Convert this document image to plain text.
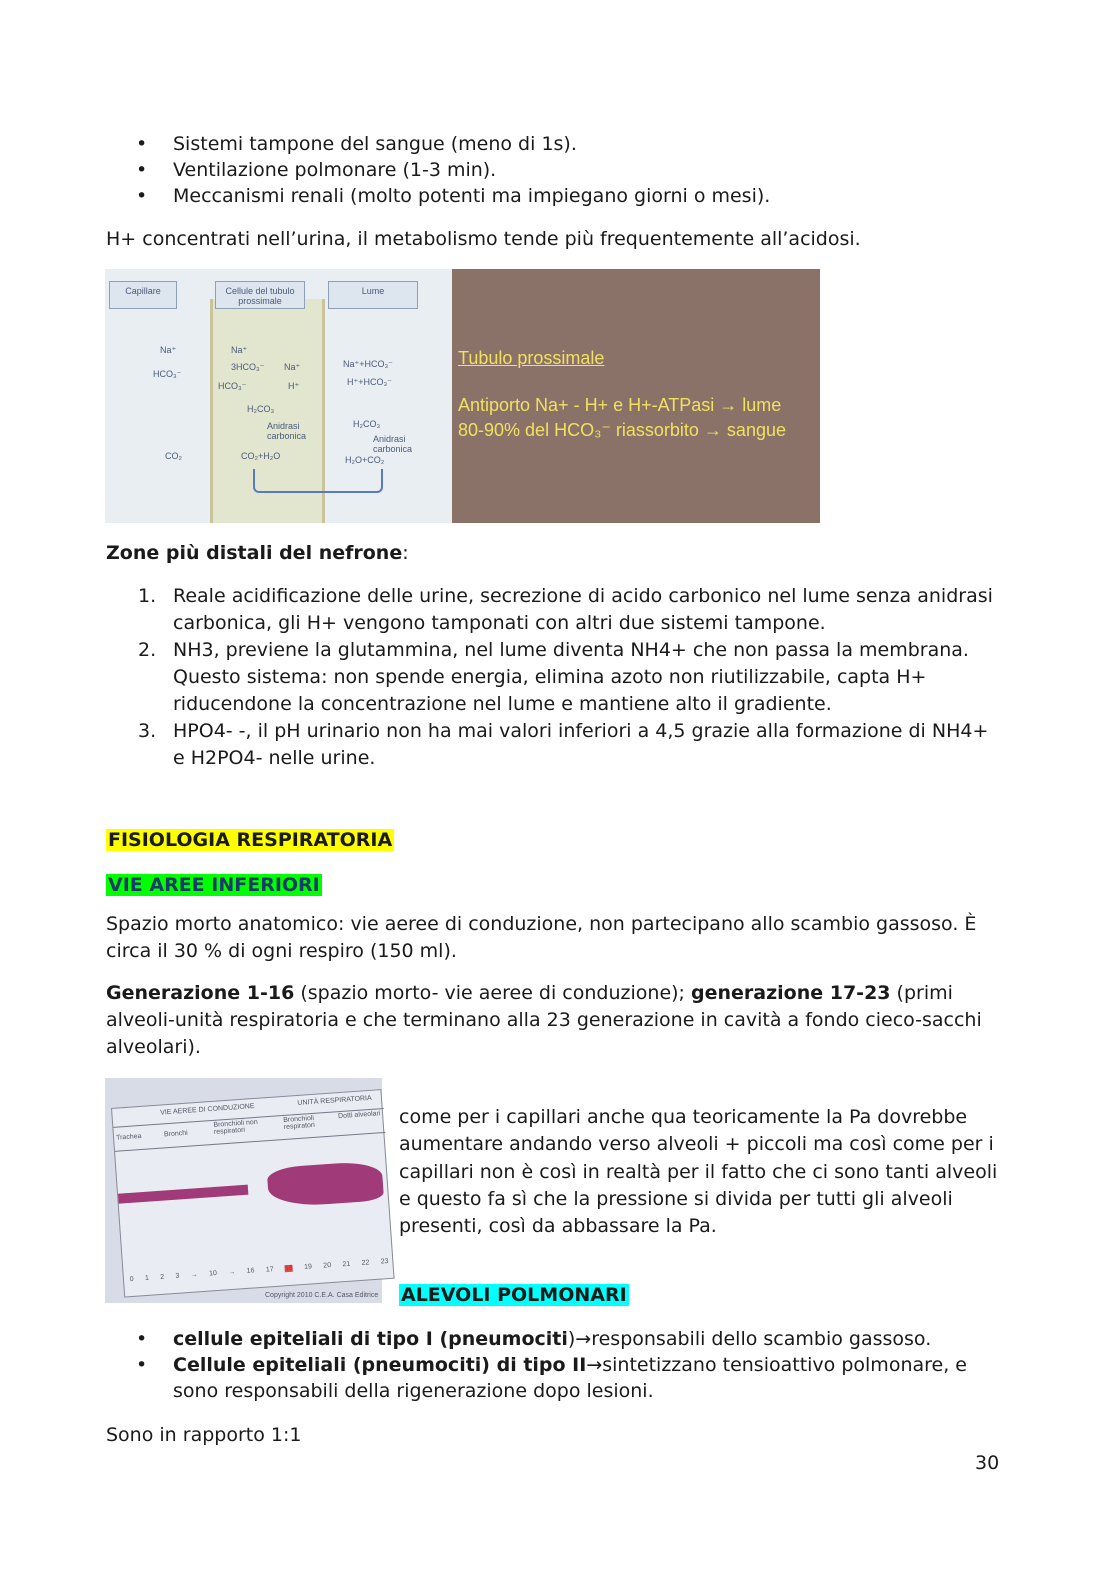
• Sistemi tampone del sangue (meno di 1s).
• Ventilazione polmonare (1-3 min).
• Meccanismi renali (molto potenti ma impiegano giorni o mesi).
H+ concentrati nell’urina, il metabolismo tende più frequentemente all’acidosi.
Capillare	Cellule del tubulo prossimale
Lume
Na⁺
HCO₃⁻
Na⁺
3HCO₃⁻ Na⁺	Na⁺+HCO₃⁻
H⁺+HCO₃⁻
HCO₃⁻	H⁺
H₂CO₃
Anidrasi carbonica
H₂CO₃
Anidrasi carbonica
CO₂	CO₂+H₂O	H₂O+CO₂
Tubulo prossimale
Antiporto Na+ - H+ e H+-ATPasi → lume
80-90% del HCO₃⁻ riassorbito → sangue
Zone più distali del nefrone:
1. Reale acidificazione delle urine, secrezione di acido carbonico nel lume senza anidrasi carbonica, gli H+ vengono tamponati con altri due sistemi tampone.
2. NH3, previene la glutammina, nel lume diventa NH4+ che non passa la membrana. Questo sistema: non spende energia, elimina azoto non riutilizzabile, capta H+ riducendone la concentrazione nel lume e mantiene alto il gradiente.
3. HPO4- -, il pH urinario non ha mai valori inferiori a 4,5 grazie alla formazione di NH4+ e H2PO4- nelle urine.
FISIOLOGIA RESPIRATORIA
VIE AREE INFERIORI
Spazio morto anatomico: vie aeree di conduzione, non partecipano allo scambio gassoso. È circa il 30 % di ogni respiro (150 ml).
Generazione 1-16 (spazio morto- vie aeree di conduzione); generazione 17-23 (primi alveoli-unità respiratoria e che terminano alla 23 generazione in cavità a fondo cieco-sacchi alveolari).
VIE AEREE DI CONDUZIONE
UNITÀ RESPIRATORIA
Trachea	Bronchi
Bronchioli non respiratori
Bronchioli respiratori
Dotti alveolari
0 1 2 3 → 10 → 16 17 18 19 20 21 22 23
Copyright 2010 C.E.A. Casa Editrice
come per i capillari anche qua teoricamente la Pa dovrebbe aumentare andando verso alveoli + piccoli ma così come per i capillari non è così in realtà per il fatto che ci sono tanti alveoli e questo fa sì che la pressione si divida per tutti gli alveoli presenti, così da abbassare la Pa.
ALEVOLI POLMONARI
• cellule epiteliali di tipo I (pneumociti)→responsabili dello scambio gassoso.
• Cellule epiteliali (pneumociti) di tipo II→sintetizzano tensioattivo polmonare, e sono responsabili della rigenerazione dopo lesioni.
Sono in rapporto 1:1
30
